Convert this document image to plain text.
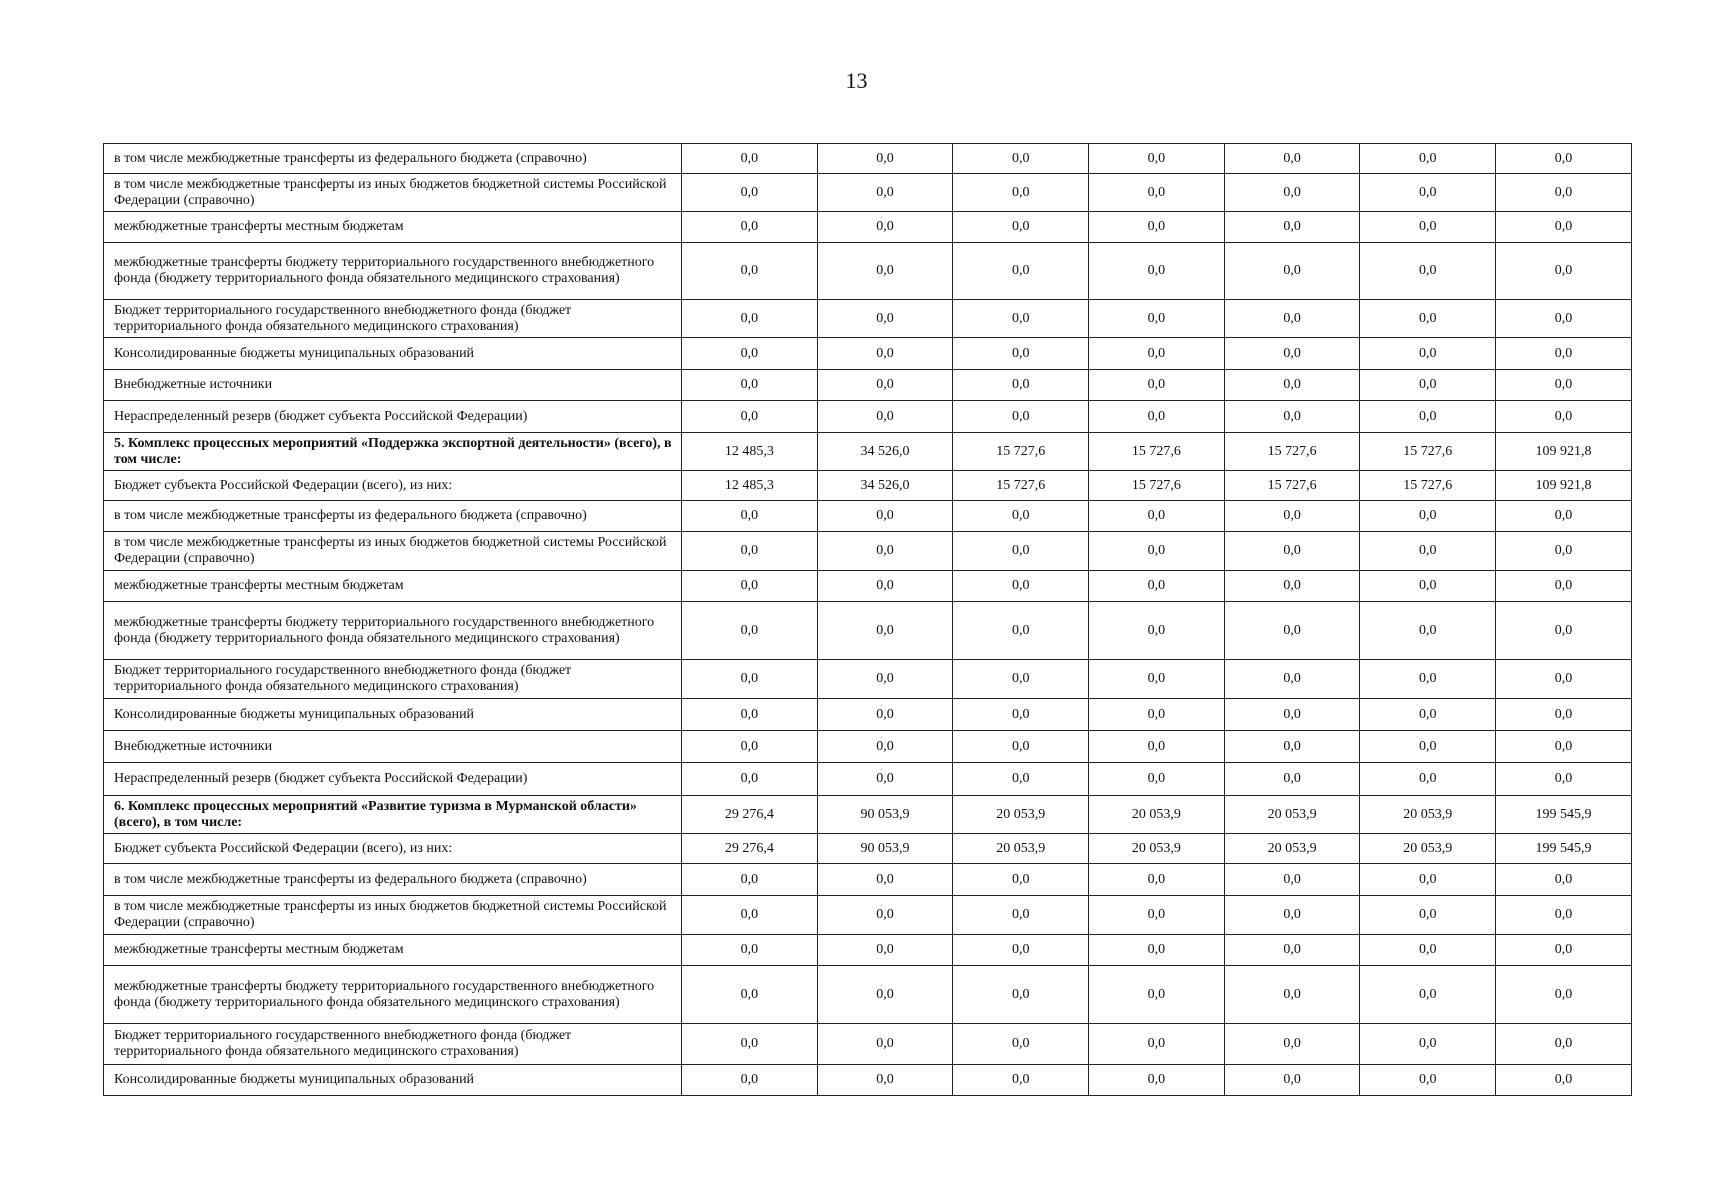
13
в том числе межбюджетные трансферты из федерального бюджета (справочно)	0,0	0,0	0,0	0,0	0,0	0,0	0,0
в том числе межбюджетные трансферты из иных бюджетов бюджетной системы Российской Федерации (справочно)	0,0	0,0	0,0	0,0	0,0	0,0	0,0
межбюджетные трансферты местным бюджетам	0,0	0,0	0,0	0,0	0,0	0,0	0,0
межбюджетные трансферты бюджету территориального государственного внебюджетного фонда (бюджету территориального фонда обязательного медицинского страхования)	0,0	0,0	0,0	0,0	0,0	0,0	0,0
Бюджет территориального государственного внебюджетного фонда (бюджет территориального фонда обязательного медицинского страхования)	0,0	0,0	0,0	0,0	0,0	0,0	0,0
Консолидированные бюджеты муниципальных образований	0,0	0,0	0,0	0,0	0,0	0,0	0,0
Внебюджетные источники	0,0	0,0	0,0	0,0	0,0	0,0	0,0
Нераспределенный резерв (бюджет субъекта Российской Федерации)	0,0	0,0	0,0	0,0	0,0	0,0	0,0
5. Комплекс процессных мероприятий «Поддержка экспортной деятельности» (всего), в том числе:	12 485,3	34 526,0	15 727,6	15 727,6	15 727,6	15 727,6	109 921,8
Бюджет субъекта Российской Федерации (всего), из них:	12 485,3	34 526,0	15 727,6	15 727,6	15 727,6	15 727,6	109 921,8
в том числе межбюджетные трансферты из федерального бюджета (справочно)	0,0	0,0	0,0	0,0	0,0	0,0	0,0
в том числе межбюджетные трансферты из иных бюджетов бюджетной системы Российской Федерации (справочно)	0,0	0,0	0,0	0,0	0,0	0,0	0,0
межбюджетные трансферты местным бюджетам	0,0	0,0	0,0	0,0	0,0	0,0	0,0
межбюджетные трансферты бюджету территориального государственного внебюджетного фонда (бюджету территориального фонда обязательного медицинского страхования)	0,0	0,0	0,0	0,0	0,0	0,0	0,0
Бюджет территориального государственного внебюджетного фонда (бюджет территориального фонда обязательного медицинского страхования)	0,0	0,0	0,0	0,0	0,0	0,0	0,0
Консолидированные бюджеты муниципальных образований	0,0	0,0	0,0	0,0	0,0	0,0	0,0
Внебюджетные источники	0,0	0,0	0,0	0,0	0,0	0,0	0,0
Нераспределенный резерв (бюджет субъекта Российской Федерации)	0,0	0,0	0,0	0,0	0,0	0,0	0,0
6. Комплекс процессных мероприятий «Развитие туризма в Мурманской области» (всего), в том числе:	29 276,4	90 053,9	20 053,9	20 053,9	20 053,9	20 053,9	199 545,9
Бюджет субъекта Российской Федерации (всего), из них:	29 276,4	90 053,9	20 053,9	20 053,9	20 053,9	20 053,9	199 545,9
в том числе межбюджетные трансферты из федерального бюджета (справочно)	0,0	0,0	0,0	0,0	0,0	0,0	0,0
в том числе межбюджетные трансферты из иных бюджетов бюджетной системы Российской Федерации (справочно)	0,0	0,0	0,0	0,0	0,0	0,0	0,0
межбюджетные трансферты местным бюджетам	0,0	0,0	0,0	0,0	0,0	0,0	0,0
межбюджетные трансферты бюджету территориального государственного внебюджетного фонда (бюджету территориального фонда обязательного медицинского страхования)	0,0	0,0	0,0	0,0	0,0	0,0	0,0
Бюджет территориального государственного внебюджетного фонда (бюджет территориального фонда обязательного медицинского страхования)	0,0	0,0	0,0	0,0	0,0	0,0	0,0
Консолидированные бюджеты муниципальных образований	0,0	0,0	0,0	0,0	0,0	0,0	0,0
